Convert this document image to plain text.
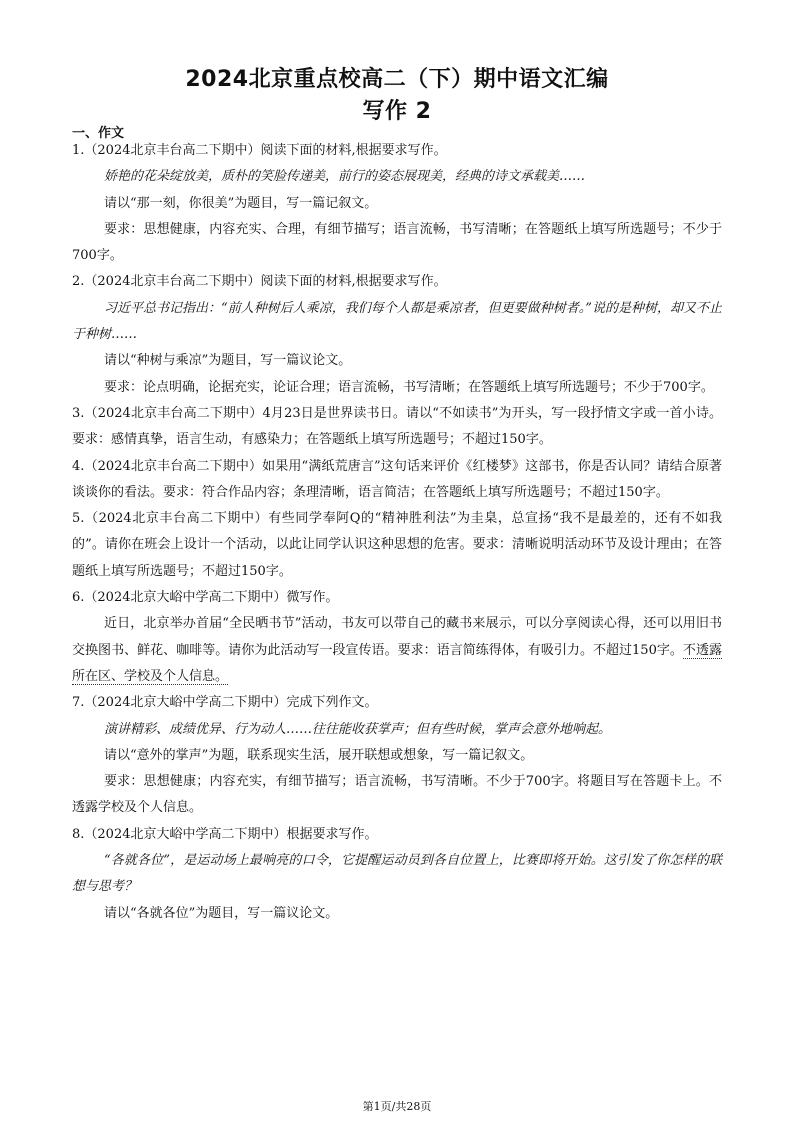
2024北京重点校高二（下）期中语文汇编
写作 2
一、作文

1.（2024北京丰台高二下期中）阅读下面的材料,根据要求写作。

娇艳的花朵绽放美，质朴的笑脸传递美，前行的姿态展现美，经典的诗文承载美……

请以“那一刻，你很美”为题目，写一篇记叙文。

要求：思想健康，内容充实、合理，有细节描写；语言流畅，书写清晰；在答题纸上填写所选题号；不少于700字。

2.（2024北京丰台高二下期中）阅读下面的材料,根据要求写作。

习近平总书记指出：“前人种树后人乘凉，我们每个人都是乘凉者，但更要做种树者。”说的是种树，却又不止于种树……

请以“种树与乘凉”为题目，写一篇议论文。

要求：论点明确，论据充实，论证合理；语言流畅，书写清晰；在答题纸上填写所选题号；不少于700字。

3.（2024北京丰台高二下期中）4月23日是世界读书日。请以“不如读书”为开头，写一段抒情文字或一首小诗。要求：感情真挚，语言生动，有感染力；在答题纸上填写所选题号；不超过150字。

4.（2024北京丰台高二下期中）如果用“满纸荒唐言”这句话来评价《红楼梦》这部书，你是否认同？请结合原著谈谈你的看法。要求：符合作品内容；条理清晰，语言简洁；在答题纸上填写所选题号；不超过150字。

5.（2024北京丰台高二下期中）有些同学奉阿Q的“精神胜利法”为圭臬，总宣扬“我不是最差的，还有不如我的”。请你在班会上设计一个活动，以此让同学认识这种思想的危害。要求：清晰说明活动环节及设计理由；在答题纸上填写所选题号；不超过150字。

6.（2024北京大峪中学高二下期中）微写作。

近日，北京举办首届“全民晒书节”活动，书友可以带自己的藏书来展示，可以分享阅读心得，还可以用旧书交换图书、鲜花、咖啡等。请你为此活动写一段宣传语。要求：语言简练得体，有吸引力。不超过150字。不透露所在区、学校及个人信息。

7.（2024北京大峪中学高二下期中）完成下列作文。

演讲精彩、成绩优异、行为动人……往往能收获掌声；但有些时候，掌声会意外地响起。

请以“意外的掌声”为题，联系现实生活，展开联想或想象，写一篇记叙文。

要求：思想健康；内容充实，有细节描写；语言流畅，书写清晰。不少于700字。将题目写在答题卡上。不透露学校及个人信息。

8.（2024北京大峪中学高二下期中）根据要求写作。

“各就各位”，是运动场上最响亮的口令，它提醒运动员到各自位置上，比赛即将开始。这引发了你怎样的联想与思考？

请以“各就各位”为题目，写一篇议论文。

第1页/共28页
